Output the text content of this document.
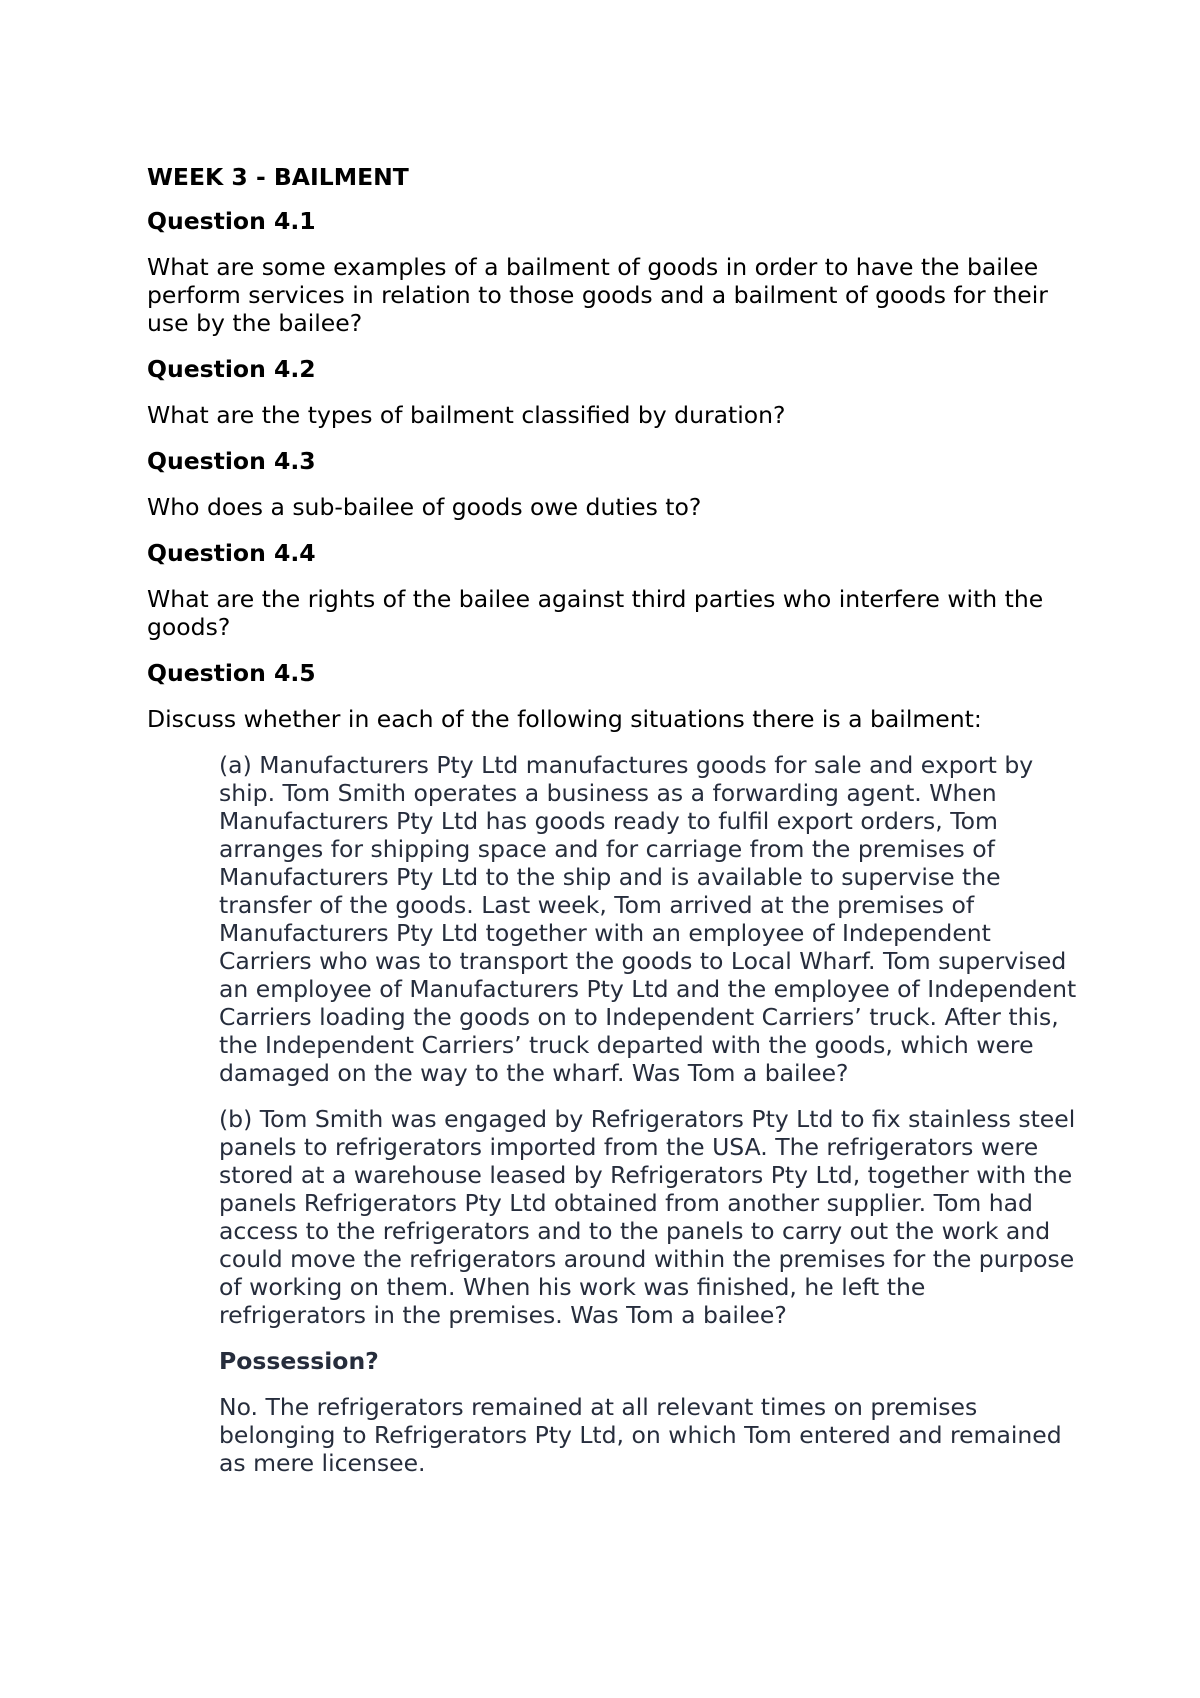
WEEK 3 - BAILMENT
Question 4.1
What are some examples of a bailment of goods in order to have the bailee perform services in relation to those goods and a bailment of goods for their use by the bailee?
Question 4.2
What are the types of bailment classified by duration?
Question 4.3
Who does a sub-bailee of goods owe duties to?
Question 4.4
What are the rights of the bailee against third parties who interfere with the goods?
Question 4.5
Discuss whether in each of the following situations there is a bailment:

(a) Manufacturers Pty Ltd manufactures goods for sale and export by ship. Tom Smith operates a business as a forwarding agent. When Manufacturers Pty Ltd has goods ready to fulfil export orders, Tom arranges for shipping space and for carriage from the premises of Manufacturers Pty Ltd to the ship and is available to supervise the transfer of the goods. Last week, Tom arrived at the premises of Manufacturers Pty Ltd together with an employee of Independent Carriers who was to transport the goods to Local Wharf. Tom supervised an employee of Manufacturers Pty Ltd and the employee of Independent Carriers loading the goods on to Independent Carriers’ truck. After this, the Independent Carriers’ truck departed with the goods, which were damaged on the way to the wharf. Was Tom a bailee?

(b) Tom Smith was engaged by Refrigerators Pty Ltd to fix stainless steel panels to refrigerators imported from the USA. The refrigerators were stored at a warehouse leased by Refrigerators Pty Ltd, together with the panels Refrigerators Pty Ltd obtained from another supplier. Tom had access to the refrigerators and to the panels to carry out the work and could move the refrigerators around within the premises for the purpose of working on them. When his work was finished, he left the refrigerators in the premises. Was Tom a bailee?

Possession?

No. The refrigerators remained at all relevant times on premises belonging to Refrigerators Pty Ltd, on which Tom entered and remained as mere licensee.
